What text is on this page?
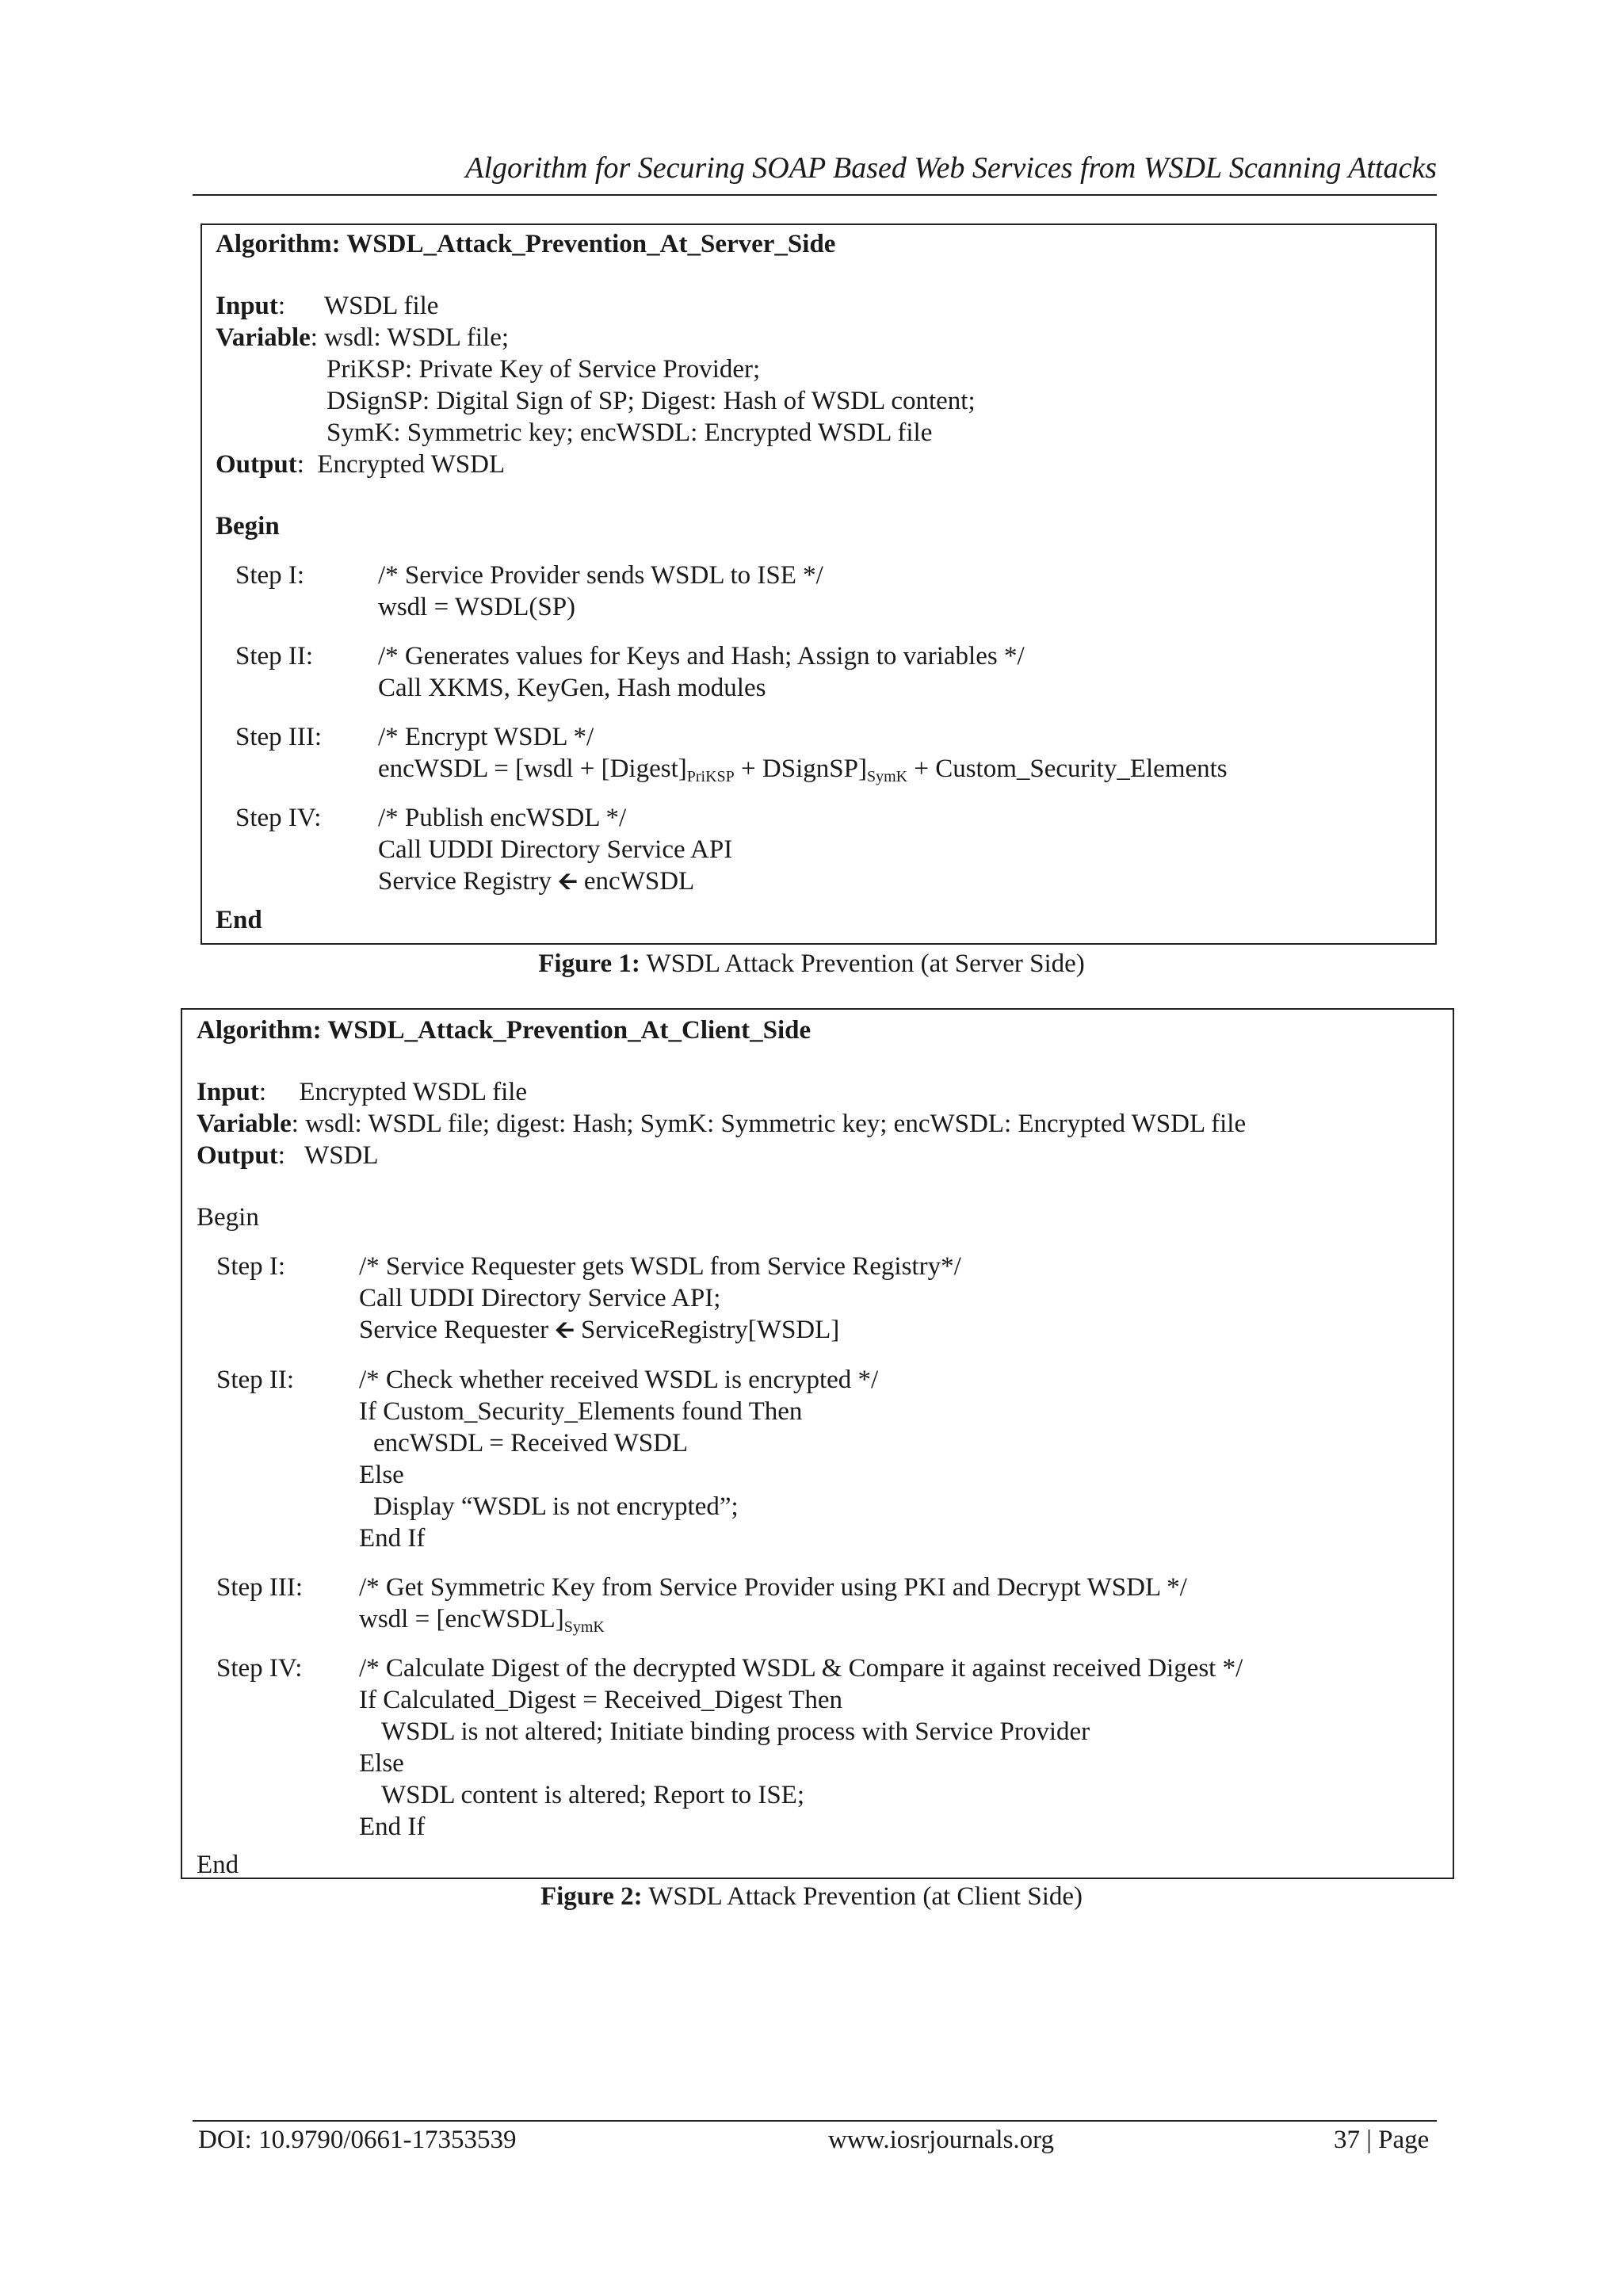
Algorithm for Securing SOAP Based Web Services from WSDL Scanning Attacks
Algorithm: WSDL_Attack_Prevention_At_Server_Side
Input:      WSDL file
Variable: wsdl: WSDL file;
PriKSP: Private Key of Service Provider;
DSignSP: Digital Sign of SP; Digest: Hash of WSDL content;
SymK: Symmetric key; encWSDL: Encrypted WSDL file
Output:  Encrypted WSDL
Begin
Step I:	/* Service Provider sends WSDL to ISE */
wsdl = WSDL(SP)
Step II:	/* Generates values for Keys and Hash; Assign to variables */
Call XKMS, KeyGen, Hash modules
Step III:	/* Encrypt WSDL */
encWSDL = [wsdl + $[Digest]_{PriKSP}$ + $DSignSP]_{SymK}$ + Custom_Security_Elements
Step IV:	/* Publish encWSDL */
Call UDDI Directory Service API
Service Registry 🡨 encWSDL
End
Figure 1: WSDL Attack Prevention (at Server Side)
Algorithm: WSDL_Attack_Prevention_At_Client_Side
Input:     Encrypted WSDL file
Variable: wsdl: WSDL file; digest: Hash; SymK: Symmetric key; encWSDL: Encrypted WSDL file
Output:   WSDL
Begin
Step I:	/* Service Requester gets WSDL from Service Registry*/
Call UDDI Directory Service API;
Service Requester 🡨 ServiceRegistry[WSDL]
Step II:	/* Check whether received WSDL is encrypted */
If Custom_Security_Elements found Then
encWSDL = Received WSDL
Else
Display “WSDL is not encrypted”;
End If
Step III:	/* Get Symmetric Key from Service Provider using PKI and Decrypt WSDL */
wsdl = $[encWSDL]_{SymK}$
Step IV:	/* Calculate Digest of the decrypted WSDL & Compare it against received Digest */
If Calculated_Digest = Received_Digest Then
WSDL is not altered; Initiate binding process with Service Provider
Else
WSDL content is altered; Report to ISE;
End If
End
Figure 2: WSDL Attack Prevention (at Client Side)
DOI: 10.9790/0661-17353539	www.iosrjournals.org	37 | Page
